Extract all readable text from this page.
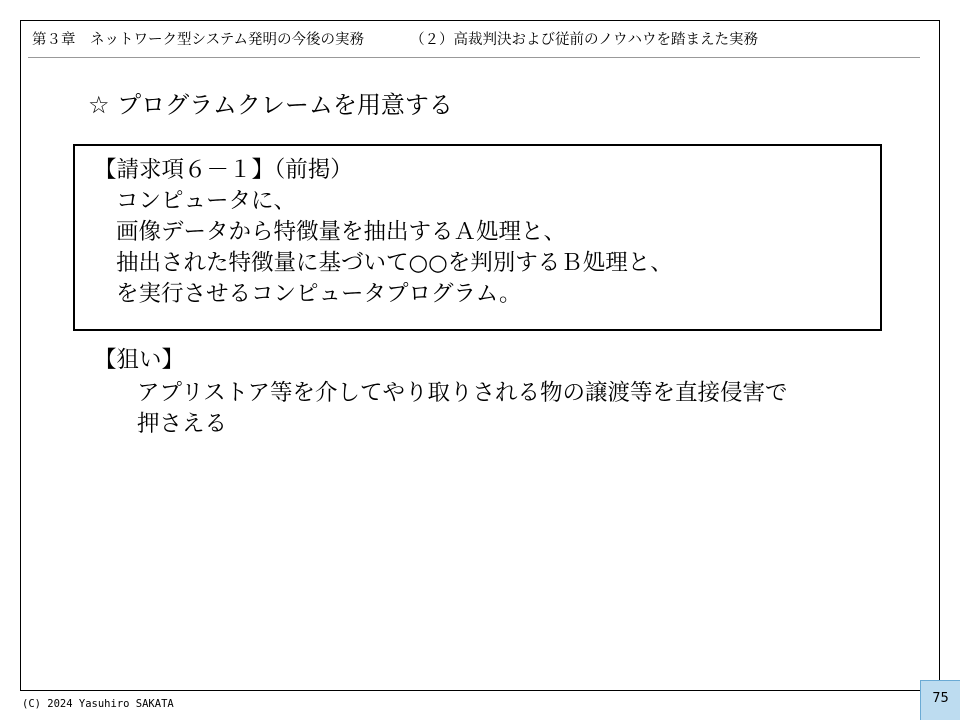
第３章　ネットワーク型システム発明の今後の実務	（２）高裁判決および従前のノウハウを踏まえた実務
☆ プログラムクレームを用意する
【請求項６－１】（前掲）
コンピュータに、
画像データから特徴量を抽出するＡ処理と、
抽出された特徴量に基づいて○○を判別するＢ処理と、
を実行させるコンピュータプログラム。
【狙い】
アプリストア等を介してやり取りされる物の譲渡等を直接侵害で
押さえる
(C) 2024 Yasuhiro SAKATA	75
